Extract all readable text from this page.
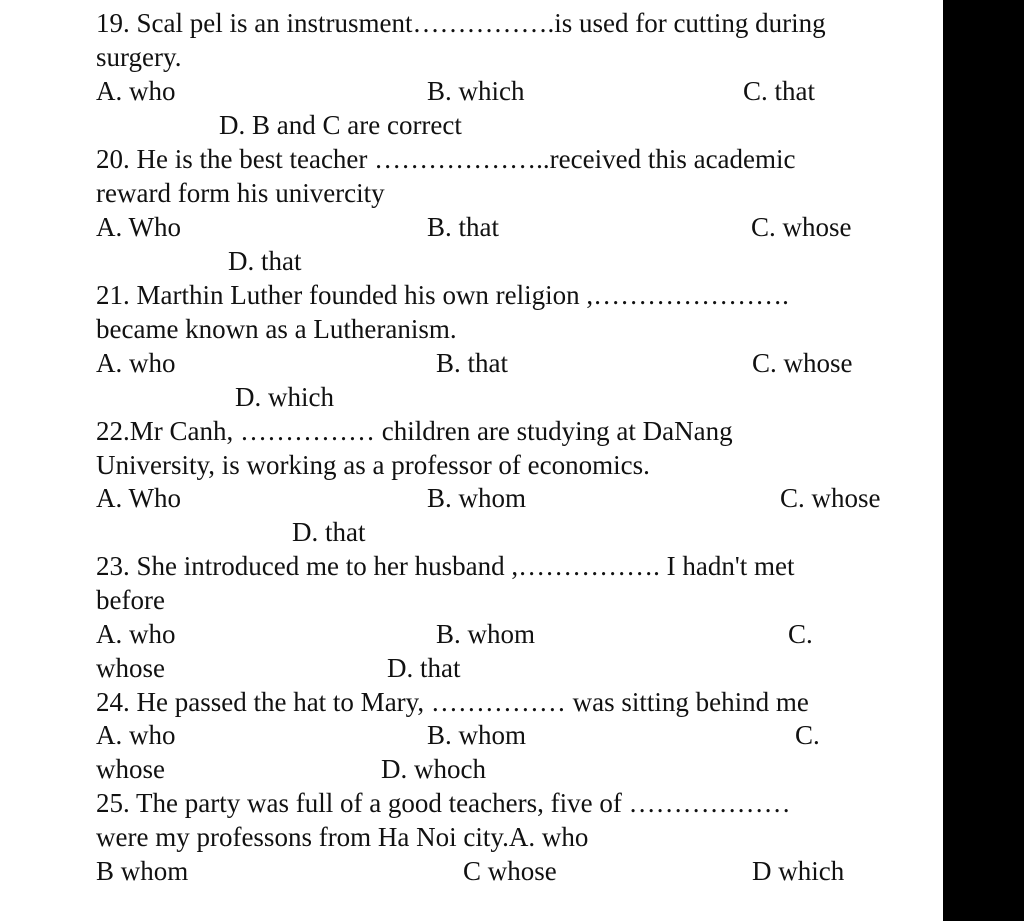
19. Scal pel is an instrusment…………….is used for cutting during
surgery.
A. who	B. which	C. that
D. B and C are correct
20. He is the best teacher ………………..received this academic
reward form his univercity
A. Who	B. that	C. whose
D. that
21. Marthin Luther founded his own religion ,………………….
became known as a Lutheranism.
A. who	B. that	C. whose
D. which
22.Mr Canh, …………… children are studying at DaNang
University, is working as a professor of economics.
A. Who	B. whom	C. whose
D. that
23. She introduced me to her husband ,……………. I hadn't met
before
A. who	B. whom	C.
whose	D. that
24. He passed the hat to Mary, …………… was sitting behind me
A. who	B. whom	C.
whose	D. whoch
25. The party was full of a good teachers, five of ………………
were my professons from Ha Noi city.A. who
B whom	C whose	D which
